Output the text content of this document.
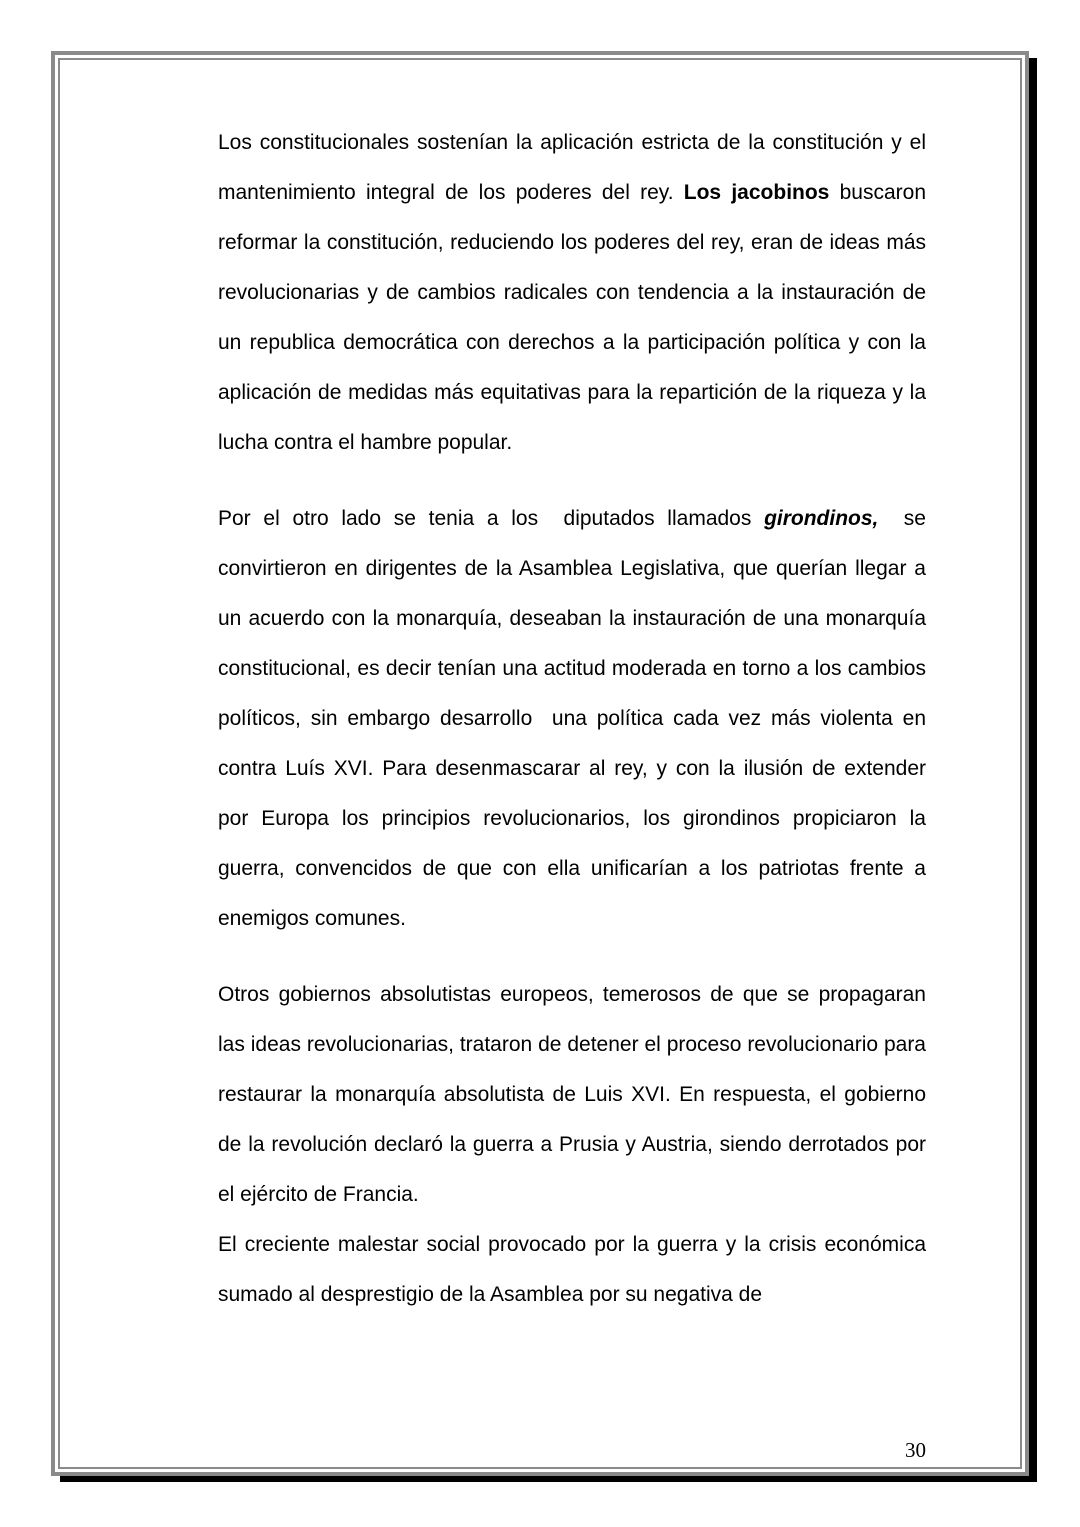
Los constitucionales sostenían la aplicación estricta de la constitución y el mantenimiento integral de los poderes del rey. Los jacobinos buscaron reformar la constitución, reduciendo los poderes del rey, eran de ideas más revolucionarias y de cambios radicales con tendencia a la instauración de un republica democrática con derechos a la participación política y con la aplicación de medidas más equitativas para la repartición de la riqueza y la lucha contra el hambre popular.

Por el otro lado se tenia a los  diputados llamados girondinos,  se convirtieron en dirigentes de la Asamblea Legislativa, que querían llegar a un acuerdo con la monarquía, deseaban la instauración de una monarquía constitucional, es decir tenían una actitud moderada en torno a los cambios políticos, sin embargo desarrollo  una política cada vez más violenta en contra Luís XVI. Para desenmascarar al rey, y con la ilusión de extender por Europa los principios revolucionarios, los girondinos propiciaron la guerra, convencidos de que con ella unificarían a los patriotas frente a enemigos comunes.

Otros gobiernos absolutistas europeos, temerosos de que se propagaran las ideas revolucionarias, trataron de detener el proceso revolucionario para restaurar la monarquía absolutista de Luis XVI. En respuesta, el gobierno de la revolución declaró la guerra a Prusia y Austria, siendo derrotados por el ejército de Francia.

El creciente malestar social provocado por la guerra y la crisis económica sumado al desprestigio de la Asamblea por su negativa de

30
